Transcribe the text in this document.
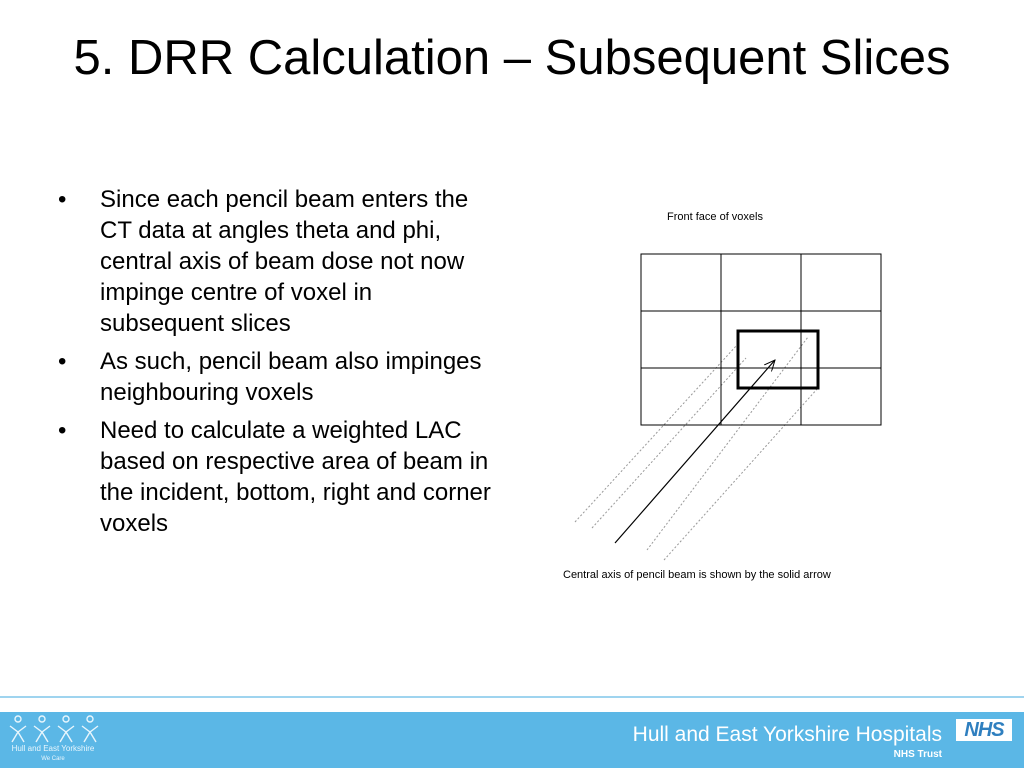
5. DRR Calculation – Subsequent Slices
• Since each pencil beam enters the CT data at angles theta and phi, central axis of beam dose not now impinge centre of voxel in subsequent slices
• As such, pencil beam also impinges neighbouring voxels
• Need to calculate a weighted LAC based on respective area of beam in the incident, bottom, right and corner voxels
Front face of voxels
Central axis of pencil beam is shown by the solid arrow
Hull and East Yorkshire
We Care
Hull and East Yorkshire Hospitals
NHS Trust
NHS
